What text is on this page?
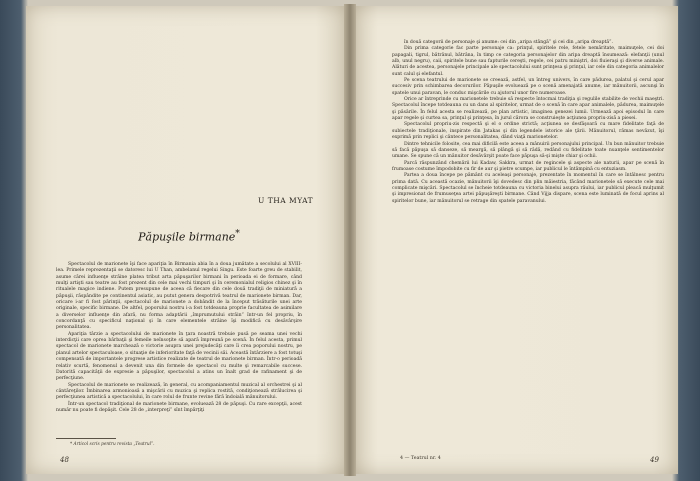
U THA MYAT
Păpuşile birmane*

Spectacolul de marionete îşi face apariţia în Birmania abia în a doua jumătate a secolului al XVIII-lea. Primele reprezentaţii se datoresc lui U Than, ambelanul regelui Singu. Este foarte greu de stabilit, asume cărei influenţe străine platea tribut arta păpuşarilor birmani în perioada ei de formare, când mulţi artişti sau teatre au fost prezent din cele mai vechi timpuri şi în ceremonialul religios chinez şi în ritualele magice indiene. Putem presupune de aceea că fiecare din cele două tradiţii de miniatură a păpuşii, răspândite pe continentul asiatic, au putut genera despotrivă teatrul de marionete birman. Dar, oricare i-ar fi fost părinţii, spectacolul de marionete a dobândit de la început trăsăturile unei arte originale, specific birmane. De altfel, poporului nostru i-a fost totdeauna proprie facultatea de asimilare a diverselor influenţe din afară, nu forma adaptării „împrumutului străin” într-un fel propriu, în concordanţă cu specificul naţional şi în care elementele străine îşi modifică cu desăvârşire personalitatea.

Apariţia târzie a spectacolului de marionete în ţara noastră trebuie pusă pe seama unei vechi interdicţii care oprea bărbaţii şi femeile neînsoţite să apară împreună pe scenă. În felul acesta, primul spectacol de marionete marchează o victorie asupra unei prejudecăţi care îi crea poporului nostru, pe planul artelor spectaculoase, o situaţie de inferioritate faţă de vecinii săi. Această întârziere a fost totuşi compensată de importantele progrese artistice realizate de teatrul de marionete birman. Într-o perioadă relativ scurtă, fenomenul a devenit una din formele de spectacol cu multe şi remarcabile succese. Datorită capacităţii de expresie a păpuşilor, spectacolul a atins un înalt grad de rafinament şi de perfecţiune.

Spectacolul de marionete se realizează, în general, cu acompaniamentul muzical al orchestrei şi al cântăreţilor. Îmbinarea armonioasă a mişcării cu muzica şi replica rostită, condiţionează strălucirea şi perfecţiunea artistică a spectacolului, în care rolul de frunte revine fără îndoială mânuitorului.

Într-un spectacol tradiţional de marionete birmane, evoluează 28 de păpuşi. Cu rare excepţii, acest număr nu poate fi depăşit. Cele 28 de „interpreţi” sînt împărţiţi

* Articol scris pentru revista „Teatrul”.
48

în două categorii de personaje şi anume: cei din „aripa stângă” şi cei din „aripa dreaptă”.

Din prima categorie fac parte personaje ca: prinţul, spiritele rele, fetele nemăritate, maimuţele, cei doi papagali, tigrul, bătrânul, bătrâna, în timp ce categoria personajelor din aripa dreaptă însumează: elefanţii (unul alb, unul negru), caii, spiritele bune sau fapturile cereşti, regele, cei patru miniştri, doi fluieraşi şi diverse animale. Alături de acestea, personajele principale ale spectacolului sunt prinţesa şi prinţul, iar cele din categoria animalelor sunt calul şi elefantul.

Pe scena teatrului de marionete se creează, astfel, un întreg univers, în care pădurea, palatul şi cerul apar succesiv prin schimbarea decorurilor. Păpuşile evoluează pe o scenă amenajată anume, iar mânuitorii, ascunşi în spatele unui paravan, le conduc mişcările cu ajutorul unor fire numeroase.

Orice ar întreprinde cu marionetele trebuie să respecte întocmai tradiţia şi regulile stabilite de vechii maeştri. Spectacolul începe totdeauna cu un dans al spiritelor, urmat de o scenă în care apar animalele, pădurea, maimuţele şi păsările. În felul acesta se realizează, pe plan artistic, imaginea genezei lumii. Urmează apoi episodul în care apar regele şi curtea sa, prinţul şi prinţesa, în jurul cărora se construieşte acţiunea propriu-zisă a piesei.

Spectacolul propriu-zis respectă şi el o ordine strictă; acţiunea se desfăşoară cu mare fidelitate faţă de subiectele tradiţionale, inspirate din Jatakas şi din legendele istorice ale ţării. Mânuitorul, rămas nevăzut, îşi exprimă prin replici şi cântece personalitatea, dând viaţă marionetelor.

Dintre tehnicile folosite, cea mai dificilă este aceea a mânuirii personajului principal. Un bun mânuitor trebuie să facă păpuşa să danseze, să meargă, să plângă şi să râdă, redând cu fidelitate toate nuanţele sentimentelor umane. Se spune că un mânuitor desăvârşit poate face păpuşa să-şi mişte chiar şi ochii.

Parcă răspunzând chemării lui Kadaw, Sakkra, urmat de regincele şi aspecte ale naturii, apar pe scenă în frumoase costume împodobite cu fir de aur şi pietre scumpe, iar publicul le întâmpină cu entuziasm.

Partea a doua începe pe pământ cu aceleaşi personaje, prezentate în momentul în care se întâlnesc pentru prima dată. Cu această ocazie, mânuitorii îşi dovedesc din plin măiestria, făcând marionetele să execute cele mai complicate mişcări. Spectacolul se încheie totdeauna cu victoria binelui asupra răului, iar publicul pleacă mulţumit şi impresionat de frumuseţea artei păpuşăreşti birmane. Când Vijja dispare, scena este luminată de focul aprins al spiritelor bune, iar mânuitorul se retrage din spatele paravanului.

4 — Teatrul nr. 4	49
